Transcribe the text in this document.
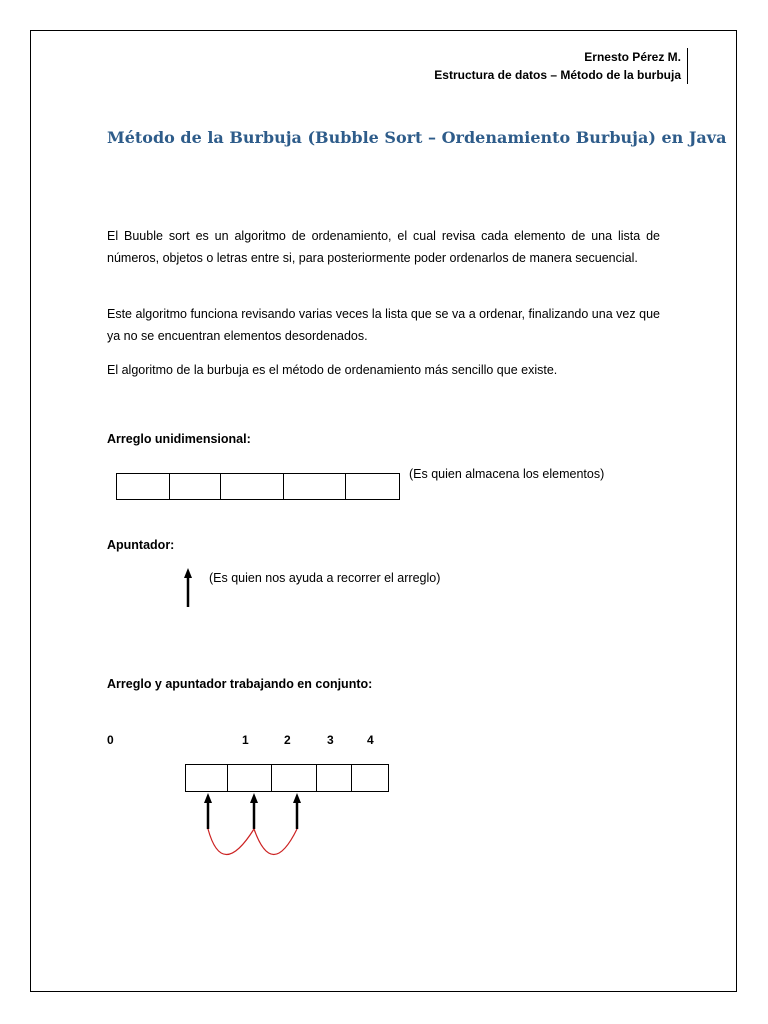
Ernesto Pérez M.
Estructura de datos – Método de la burbuja
Método de la Burbuja (Bubble Sort – Ordenamiento Burbuja) en Java
El Buuble sort es un algoritmo de ordenamiento, el cual revisa cada elemento de una lista de números, objetos o letras entre si, para posteriormente poder ordenarlos de manera secuencial.
Este algoritmo funciona revisando varias veces la lista que se va a ordenar, finalizando una vez que ya no se encuentran elementos desordenados.
El algoritmo de la burbuja es el método de ordenamiento más sencillo que existe.
Arreglo unidimensional:
(Es quien almacena los elementos)
Apuntador:
(Es quien nos ayuda a recorrer el arreglo)
Arreglo y apuntador trabajando en conjunto:
0	1	2	3	4
